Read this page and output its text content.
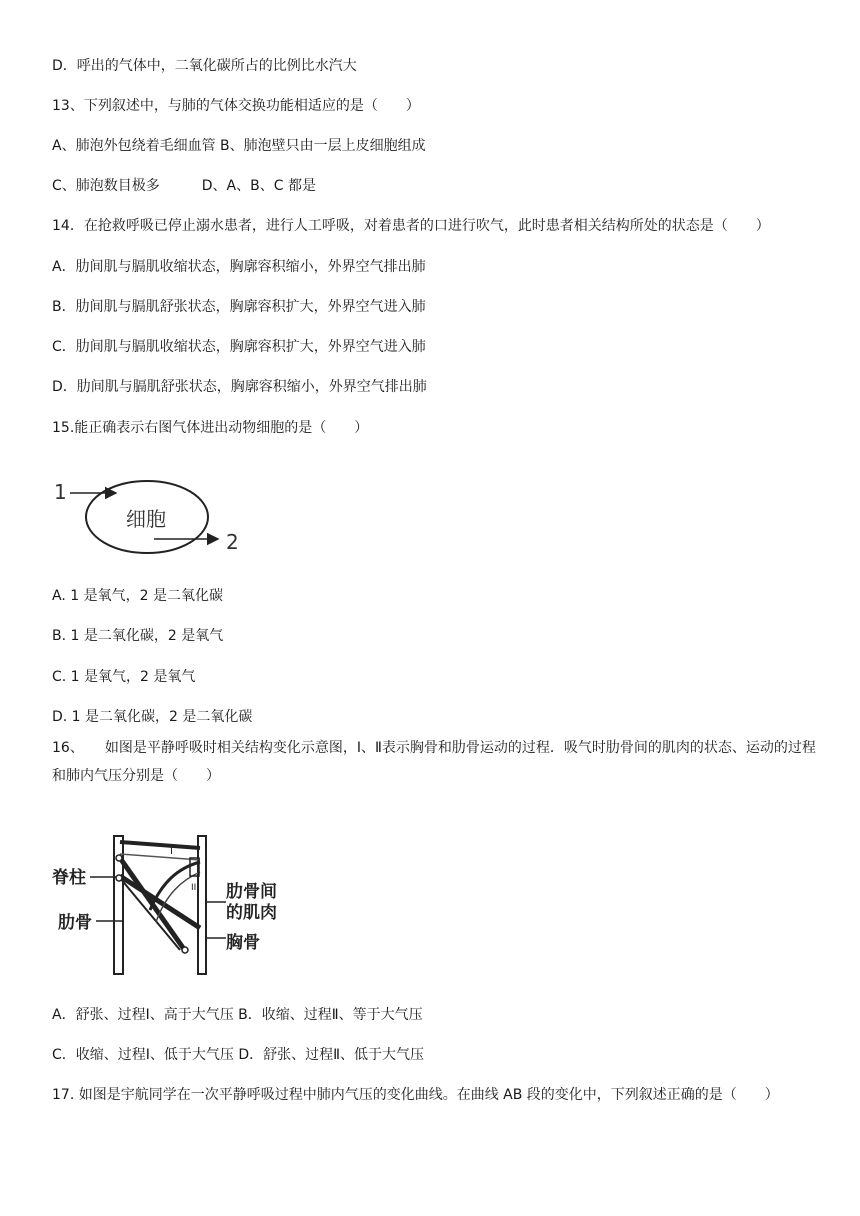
D．呼出的气体中，二氧化碳所占的比例比水汽大
13、下列叙述中，与肺的气体交换功能相适应的是（　　）
A、肺泡外包绕着毛细血管 B、肺泡壁只由一层上皮细胞组成
C、肺泡数目极多　　　D、A、B、C 都是
14．在抢救呼吸已停止溺水患者，进行人工呼吸，对着患者的口进行吹气，此时患者相关结构所处的状态是（　　）
A．肋间肌与膈肌收缩状态，胸廓容积缩小，外界空气排出肺
B．肋间肌与膈肌舒张状态，胸廓容积扩大，外界空气进入肺
C．肋间肌与膈肌收缩状态，胸廓容积扩大，外界空气进入肺
D．肋间肌与膈肌舒张状态，胸廓容积缩小，外界空气排出肺
15.能正确表示右图气体进出动物细胞的是（　　）
细胞
1
2
A. 1 是氧气，2 是二氧化碳
B. 1 是二氧化碳，2 是氧气
C. 1 是氧气，2 是氧气
D. 1 是二氧化碳，2 是二氧化碳
16、　　如图是平静呼吸时相关结构变化示意图，Ⅰ、Ⅱ表示胸骨和肋骨运动的过程．吸气时肋骨间的肌肉的状态、运动的过程和肺内气压分别是（　　）
I
II
脊柱
肋骨
肋骨间
的肌肉
胸骨
A．舒张、过程Ⅰ、高于大气压 B．收缩、过程Ⅱ、等于大气压
C．收缩、过程Ⅰ、低于大气压 D．舒张、过程Ⅱ、低于大气压
17. 如图是宇航同学在一次平静呼吸过程中肺内气压的变化曲线。在曲线 AB 段的变化中，下列叙述正确的是（　　）
